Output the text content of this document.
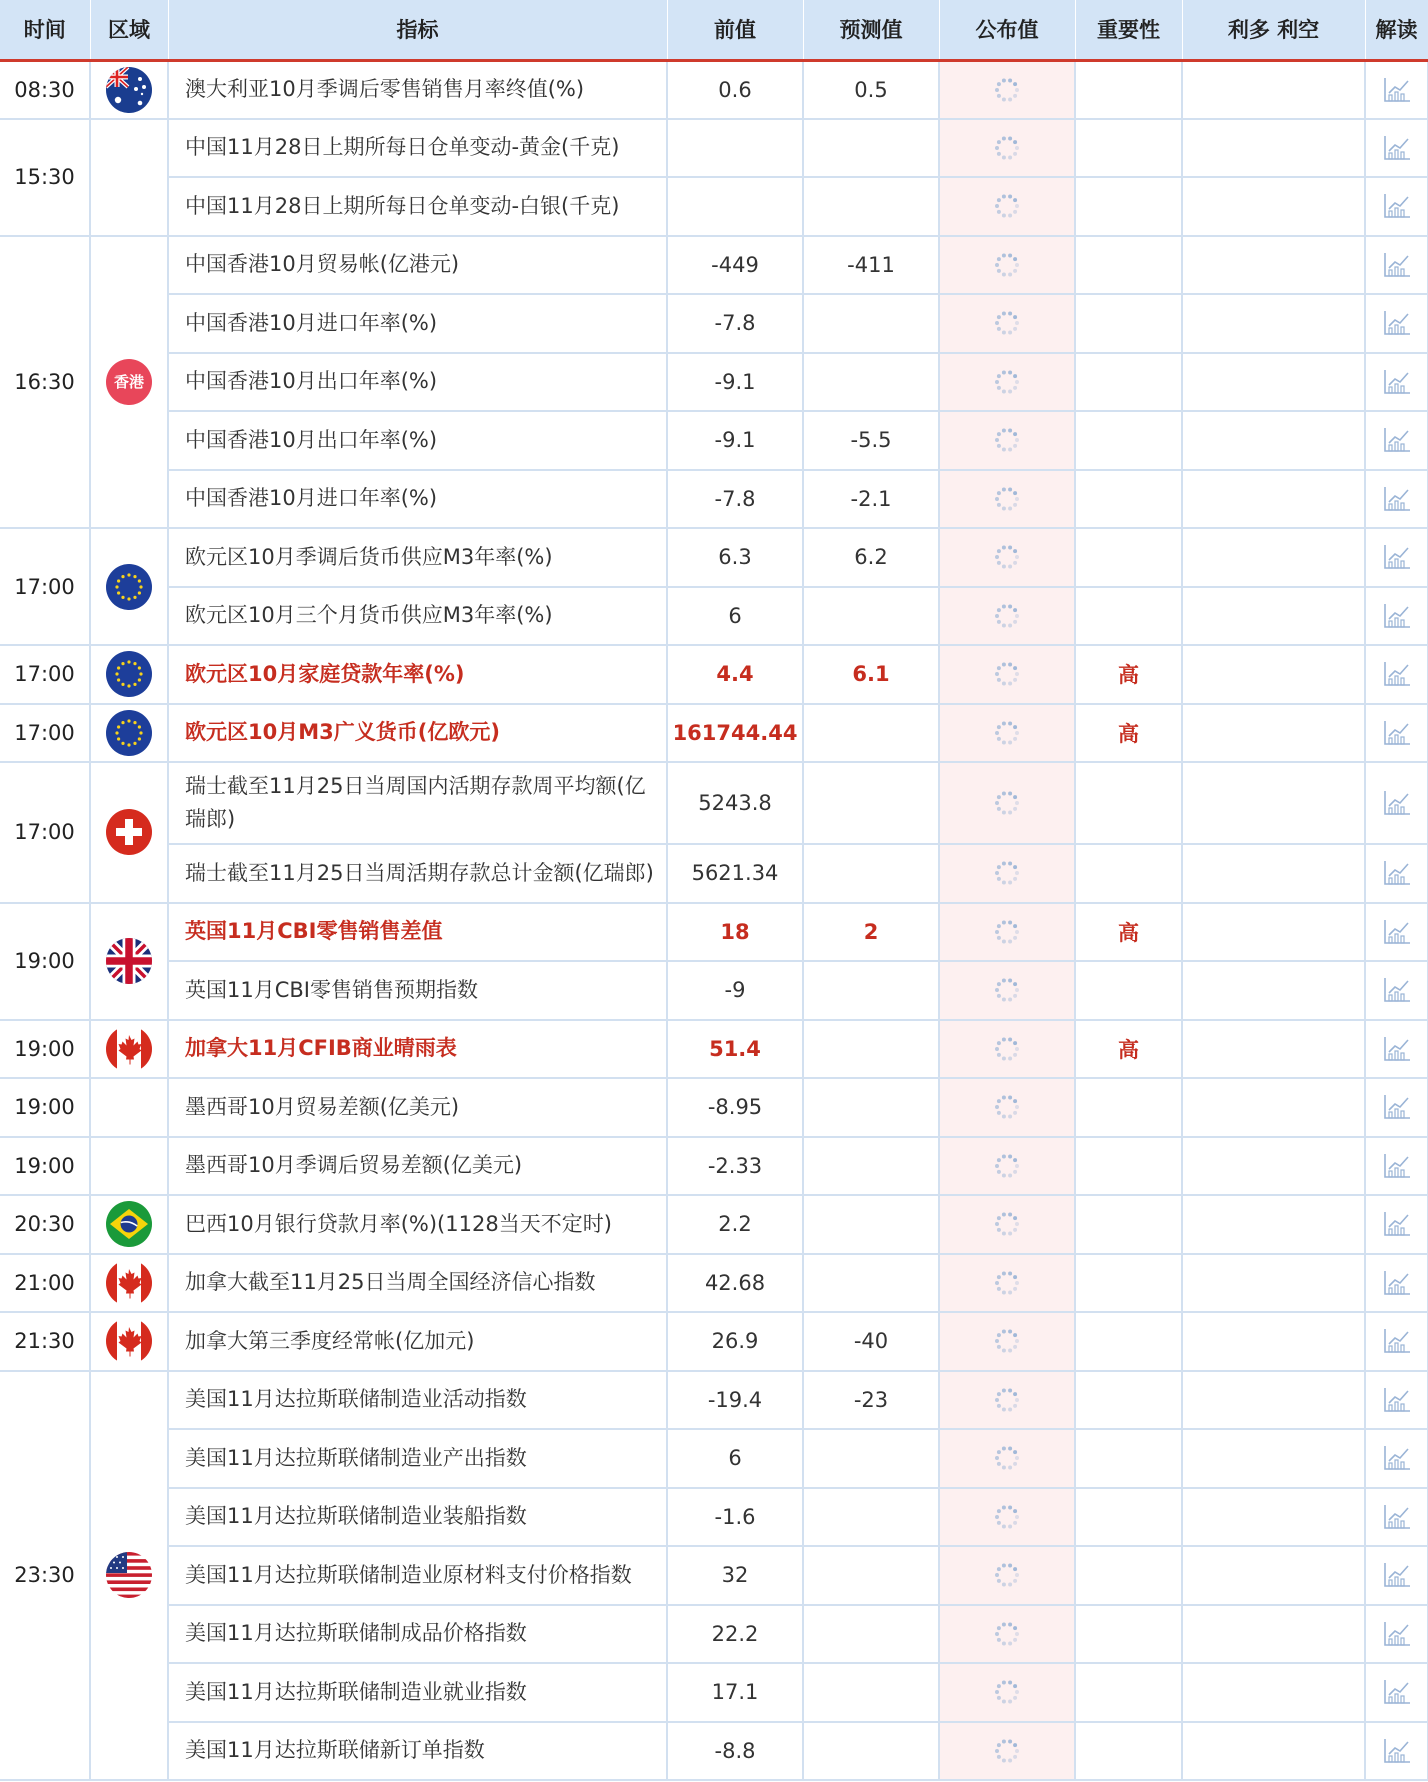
时间	区域	指标	前值	预测值	公布值	重要性	利多 利空	解读
08:30		澳大利亚10月季调后零售销售月率终值(%)	0.6	0.5	

15:30		中国11月28日上期所每日仓单变动-黄金(千克)			

		中国11月28日上期所每日仓单变动-白银(千克)			

16:30	香港	中国香港10月贸易帐(亿港元)	-449	-411	

		中国香港10月进口年率(%)	-7.8		

		中国香港10月出口年率(%)	-9.1		

		中国香港10月出口年率(%)	-9.1	-5.5	

		中国香港10月进口年率(%)	-7.8	-2.1	

17:00		欧元区10月季调后货币供应M3年率(%)	6.3	6.2	

		欧元区10月三个月货币供应M3年率(%)	6		

17:00		欧元区10月家庭贷款年率(%)	4.4	6.1		高		

17:00		欧元区10月M3广义货币(亿欧元)	161744.44			高		

17:00		瑞士截至11月25日当周国内活期存款周平均额(亿瑞郎)	5243.8		

		瑞士截至11月25日当周活期存款总计金额(亿瑞郎)	5621.34		

19:00		英国11月CBI零售销售差值	18	2		高		

		英国11月CBI零售销售预期指数	-9		

19:00		加拿大11月CFIB商业晴雨表	51.4			高		

19:00		墨西哥10月贸易差额(亿美元)	-8.95		

19:00		墨西哥10月季调后贸易差额(亿美元)	-2.33		

20:30		巴西10月银行贷款月率(%)(1128当天不定时)	2.2		

21:00		加拿大截至11月25日当周全国经济信心指数	42.68		

21:30		加拿大第三季度经常帐(亿加元)	26.9	-40	

23:30		美国11月达拉斯联储制造业活动指数	-19.4	-23	

		美国11月达拉斯联储制造业产出指数	6		

		美国11月达拉斯联储制造业装船指数	-1.6		

		美国11月达拉斯联储制造业原材料支付价格指数	32		

		美国11月达拉斯联储制成品价格指数	22.2		

		美国11月达拉斯联储制造业就业指数	17.1		

		美国11月达拉斯联储新订单指数	-8.8		
